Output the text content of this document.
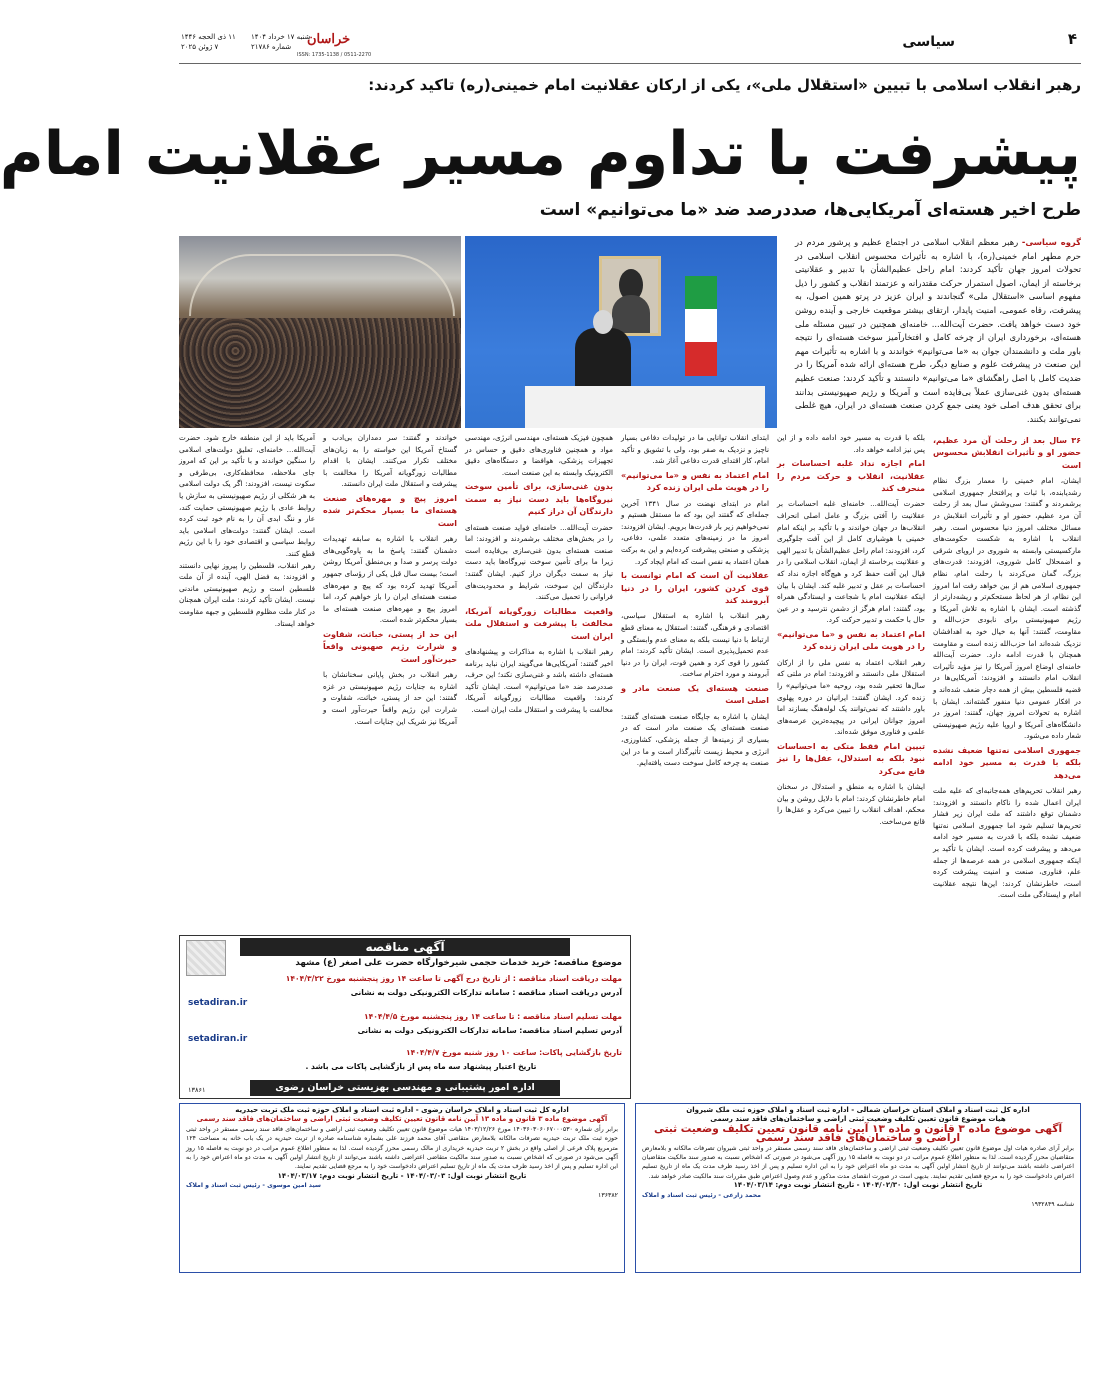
۴
سیاسی
خراسان
ISSN: 1735-1138 / 0511-2270
شنبه ۱۷ خرداد ۱۴۰۴
شماره ۲۱۷۸۶
۱۱ ذی الحجه ۱۴۴۶
۷ ژوئن ۲۰۲۵
رهبر انقلاب اسلامی با تبیین «استقلال ملی»، یکی از ارکان عقلانیت امام خمینی(ره) تاکید کردند:
پیشرفت با تداوم مسیر عقلانیت امام
طرح اخیر هسته‌ای آمریکایی‌ها، صددرصد ضد «ما می‌توانیم» است
گروه سیاسی- رهبر معظم انقلاب اسلامی در اجتماع عظیم و پرشور مردم در حرم مطهر امام خمینی(ره)، با اشاره به تأثیرات محسوس انقلاب اسلامی در تحولات امروز جهان تأکید کردند: امام راحل عظیم‌الشأن با تدبیر و عقلانیتی برخاسته از ایمان، اصول استمرار حرکت مقتدرانه و عزتمند انقلاب و کشور را ذیل مفهوم اساسی «استقلال ملی» گنجاندند و ایران عزیز در پرتو همین اصول، به پیشرفت، رفاه عمومی، امنیت پایدار، ارتقای بیشتر موقعیت خارجی و آینده روشن خود دست خواهد یافت. حضرت آیت‌الله... خامنه‌ای همچنین در تبیین مسئله ملی هسته‌ای، برخورداری ایران از چرخه کامل و افتخارآمیز سوخت هسته‌ای را نتیجه باور ملت و دانشمندان جوان به «ما می‌توانیم» خواندند و با اشاره به تأثیرات مهم این صنعت در پیشرفت علوم و صنایع دیگر، طرح هسته‌ای ارائه شده آمریکا را در ضدیت کامل با اصل راهگشای «ما می‌توانیم» دانستند و تأکید کردند: صنعت عظیم هسته‌ای بدون غنی‌سازی عملاً بی‌فایده است و آمریکا و رژیم صهیونیستی بدانند برای تحقق هدف اصلی خود یعنی جمع کردن صنعت هسته‌ای در ایران، هیچ غلطی نمی‌توانند بکنند.
۳۶ سال بعد از رحلت آن مرد عظیم، حضور او و تأثیرات انقلابش محسوس است

ایشان، امام خمینی را معمار بزرگ نظام رشدیابنده، با ثبات و پرافتخار جمهوری اسلامی برشمردند و گفتند: سی‌وشش سال بعد از رحلت آن مرد عظیم، حضور او و تأثیرات انقلابش در مسائل مختلف امروز دنیا محسوس است. رهبر انقلاب با اشاره به شکست حکومت‌های مارکسیستی وابسته به شوروی در اروپای شرقی و اضمحلال کامل شوروی، افزودند: قدرت‌های بزرگ، گمان می‌کردند با رحلت امام، نظام جمهوری اسلامی هم از بین خواهد رفت اما امروز این نظام، از هر لحاظ مستحکم‌تر و ریشه‌دارتر از گذشته است. ایشان با اشاره به تلاش آمریکا و رژیم صهیونیستی برای نابودی حزب‌الله و مقاومت، گفتند: آنها به خیال خود به اهدافشان نزدیک شده‌اند اما حزب‌الله زنده است و مقاومت همچنان با قدرت ادامه دارد. حضرت آیت‌الله خامنه‌ای اوضاع امروز آمریکا را نیز مؤید تأثیرات انقلاب امام دانستند و افزودند: آمریکایی‌ها در قضیه فلسطین بیش از همه دچار ضعف شده‌اند و در افکار عمومی دنیا منفور گشته‌اند. ایشان با اشاره به تحولات امروز جهان، گفتند: امروز در دانشگاه‌های آمریکا و اروپا علیه رژیم صهیونیستی شعار داده می‌شود.

جمهوری اسلامی نه‌تنها ضعیف نشده بلکه با قدرت به مسیر خود ادامه می‌دهد

رهبر انقلاب تحریم‌های همه‌جانبه‌ای که علیه ملت ایران اعمال شده را ناکام دانستند و افزودند: دشمنان توقع داشتند که ملت ایران زیر فشار تحریم‌ها تسلیم شود اما جمهوری اسلامی نه‌تنها ضعیف نشده بلکه با قدرت به مسیر خود ادامه می‌دهد و پیشرفت کرده است. ایشان با تأکید بر اینکه جمهوری اسلامی در همه عرصه‌ها از جمله علم، فناوری، صنعت و امنیت پیشرفت کرده است، خاطرنشان کردند: این‌ها نتیجه عقلانیت امام و ایستادگی ملت است.

بلکه با قدرت به مسیر خود ادامه داده و از این پس نیز ادامه خواهد داد.

امام اجازه نداد غلبه احساسات بر عقلانیت، انقلاب و حرکت مردم را منحرف کند

حضرت آیت‌الله... خامنه‌ای غلبه احساسات بر عقلانیت را آفتی بزرگ و عامل اصلی انحراف انقلاب‌ها در جهان خواندند و با تأکید بر اینکه امام خمینی با هوشیاری کامل از این آفت جلوگیری کرد، افزودند: امام راحل عظیم‌الشأن با تدبیر الهی و عقلانیت برخاسته از ایمان، انقلاب اسلامی را در قبال این آفت حفظ کرد و هیچ‌گاه اجازه نداد که احساسات بر عقل و تدبیر غلبه کند. ایشان با بیان اینکه عقلانیت امام با شجاعت و ایستادگی همراه بود، گفتند: امام هرگز از دشمن نترسید و در عین حال با حکمت و تدبیر حرکت کرد.

امام اعتماد به نفس و «ما می‌توانیم» را در هویت ملی ایران زنده کرد

رهبر انقلاب اعتماد به نفس ملی را از ارکان استقلال ملی دانستند و افزودند: امام در ملتی که سال‌ها تحقیر شده بود، روحیه «ما می‌توانیم» را زنده کرد. ایشان گفتند: ایرانیان در دوره پهلوی باور داشتند که نمی‌توانند یک لوله‌هنگ بسازند اما امروز جوانان ایرانی در پیچیده‌ترین عرصه‌های علمی و فناوری موفق شده‌اند.

تبیین امام فقط متکی به احساسات نبود بلکه به استدلال، عقل‌ها را نیز قانع می‌کرد

ایشان با اشاره به منطق و استدلال در سخنان امام خاطرنشان کردند: امام با دلایل روشن و بیان محکم، اهداف انقلاب را تبیین می‌کرد و عقل‌ها را قانع می‌ساخت.

ابتدای انقلاب توانایی ما در تولیدات دفاعی بسیار ناچیز و نزدیک به صفر بود، ولی با تشویق و تأکید امام، کار اقتدای قدرت دفاعی آغاز شد.

امام اعتماد به نفس و «ما می‌توانیم» را در هویت ملی ایران زنده کرد

امام در ابتدای نهضت در سال ۱۳۴۱ آخرین جمله‌ای که گفتند این بود که ما مستقل هستیم و نمی‌خواهیم زیر بار قدرت‌ها برویم. ایشان افزودند: امروز ما در زمینه‌های متعدد علمی، دفاعی، پزشکی و صنعتی پیشرفت کرده‌ایم و این به برکت همان اعتماد به نفس است که امام ایجاد کرد.

عقلانیت آن است که امام توانست با قوی کردن کشور، ایران را در دنیا آبرومند کند

رهبر انقلاب با اشاره به استقلال سیاسی، اقتصادی و فرهنگی، گفتند: استقلال به معنای قطع ارتباط با دنیا نیست بلکه به معنای عدم وابستگی و عدم تحمیل‌پذیری است. ایشان تأکید کردند: امام کشور را قوی کرد و همین قوت، ایران را در دنیا آبرومند و مورد احترام ساخت.

صنعت هسته‌ای یک صنعت مادر و اصلی است

ایشان با اشاره به جایگاه صنعت هسته‌ای گفتند: صنعت هسته‌ای یک صنعت مادر است که در بسیاری از زمینه‌ها از جمله پزشکی، کشاورزی، انرژی و محیط زیست تأثیرگذار است و ما در این صنعت به چرخه کامل سوخت دست یافته‌ایم.

همچون فیزیک هسته‌ای، مهندسی انرژی، مهندسی مواد و همچنین فناوری‌های دقیق و حساس در تجهیزات پزشکی، هوافضا و دستگاه‌های دقیق الکترونیک وابسته به این صنعت است.

بدون غنی‌سازی، برای تأمین سوخت نیروگاه‌ها باید دست نیاز به سمت دارندگان آن دراز کنیم

حضرت آیت‌الله... خامنه‌ای فواید صنعت هسته‌ای را در بخش‌های مختلف برشمردند و افزودند: اما صنعت هسته‌ای بدون غنی‌سازی بی‌فایده است زیرا ما برای تأمین سوخت نیروگاه‌ها باید دست نیاز به سمت دیگران دراز کنیم. ایشان گفتند: دارندگان این سوخت، شرایط و محدودیت‌های فراوانی را تحمیل می‌کنند.

واقعیت مطالبات زورگویانه آمریکا، مخالفت با پیشرفت و استقلال ملت ایران است

رهبر انقلاب با اشاره به مذاکرات و پیشنهادهای اخیر گفتند: آمریکایی‌ها می‌گویند ایران نباید برنامه هسته‌ای داشته باشد و غنی‌سازی نکند؛ این حرف، صددرصد ضد «ما می‌توانیم» است. ایشان تأکید کردند: واقعیت مطالبات زورگویانه آمریکا، مخالفت با پیشرفت و استقلال ملت ایران است.

خواندند و گفتند: سر دمداران بی‌ادب و گستاخ آمریکا این خواسته را به زبان‌های مختلف تکرار می‌کنند. ایشان با اقدام مطالبات زورگویانه آمریکا را مخالفت با پیشرفت و استقلال ملت ایران دانستند.

امروز پیچ و مهره‌های صنعت هسته‌ای ما بسیار محکم‌تر شده است

رهبر انقلاب با اشاره به سابقه تهدیدات دشمنان گفتند: پاسخ ما به یاوه‌گویی‌های دولت پرسر و صدا و بی‌منطق آمریکا روشن است؛ بیست سال قبل یکی از رؤسای جمهور آمریکا تهدید کرده بود که پیچ و مهره‌های صنعت هسته‌ای ایران را باز خواهیم کرد، اما امروز پیچ و مهره‌های صنعت هسته‌ای ما بسیار محکم‌تر شده است.

این حد از پستی، خباثت، شقاوت و شرارت رژیم صهیونی واقعاً حیرت‌آور است

رهبر انقلاب در بخش پایانی سخنانشان با اشاره به جنایات رژیم صهیونیستی در غزه گفتند: این حد از پستی، خباثت، شقاوت و شرارت این رژیم واقعاً حیرت‌آور است و آمریکا نیز شریک این جنایات است.

آمریکا باید از این منطقه خارج شود. حضرت آیت‌الله... خامنه‌ای، تعلیق دولت‌های اسلامی را سنگین خواندند و با تأکید بر این که امروز جای ملاحظه، محافظه‌کاری، بی‌طرفی و سکوت نیست، افزودند: اگر یک دولت اسلامی به هر شکلی از رژیم صهیونیستی به سازش یا روابط عادی با رژیم صهیونیستی حمایت کند، عار و ننگ ابدی آن را به نام خود ثبت کرده است. ایشان گفتند: دولت‌های اسلامی باید روابط سیاسی و اقتصادی خود را با این رژیم قطع کنند.

رهبر انقلاب، فلسطین را پیروز نهایی دانستند و افزودند: به فضل الهی، آینده از آن ملت فلسطین است و رژیم صهیونیستی ماندنی نیست. ایشان تأکید کردند: ملت ایران همچنان در کنار ملت مظلوم فلسطین و جبهه مقاومت خواهد ایستاد.

آگهی مناقصه
موضوع مناقصه: خرید خدمات حجمی شیرخوارگاه حضرت علی اصغر (ع) مشهد
مهلت دریافت اسناد مناقصه : از تاریخ درج آگهی تا ساعت ۱۴ روز پنجشنبه مورخ ۱۴۰۴/۳/۲۲
آدرس دریافت اسناد مناقصه : سامانه تدارکات الکترونیکی دولت به نشانی
setadiran.ir
مهلت تسلیم اسناد مناقصه : تا ساعت ۱۴ روز پنجشنبه مورخ ۱۴۰۴/۴/۵
آدرس تسلیم اسناد مناقصه: سامانه تدارکات الکترونیکی دولت به نشانی
setadiran.ir
تاریخ بازگشایی پاکات: ساعت ۱۰ روز شنبه مورخ ۱۴۰۴/۴/۷
تاریخ اعتبار پیشنهاد سه ماه پس از بازگشایی پاکات می باشد .
اداره امور پشتیبانی و مهندسی بهزیستی خراسان رضوی
۱۳۸۶۱
اداره کل ثبت اسناد و املاک خراسان رضوی - اداره ثبت اسناد و املاک حوزه ثبت ملک تربت حیدریه
آگهی موضوع ماده ۳ قانون و ماده ۱۳ آیین نامه قانون تعیین تکلیف وضعیت ثبتی اراضی و ساختمان‌های فاقد سند رسمی
برابر رأی شماره ۱۴۰۳۶۰۳۰۶۰۶۷۰۰۰۵۳۰ مورخ ۱۴۰۳/۱۲/۲۶ هیات موضوع قانون تعیین تکلیف وضعیت ثبتی اراضی و ساختمان‌های فاقد سند رسمی مستقر در واحد ثبتی حوزه ثبت ملک تربت حیدریه تصرفات مالکانه بلامعارض متقاضی آقای محمد فرزند علی بشماره شناسنامه صادره از تربت حیدریه در یک باب خانه به مساحت ۱۲۴ مترمربع پلاک فرعی از اصلی واقع در بخش ۲ تربت حیدریه خریداری از مالک رسمی محرز گردیده است. لذا به منظور اطلاع عموم مراتب در دو نوبت به فاصله ۱۵ روز آگهی می‌شود در صورتی که اشخاص نسبت به صدور سند مالکیت متقاضی اعتراضی داشته باشند می‌توانند از تاریخ انتشار اولین آگهی به مدت دو ماه اعتراض خود را به این اداره تسلیم و پس از اخذ رسید ظرف مدت یک ماه از تاریخ تسلیم اعتراض دادخواست خود را به مرجع قضایی تقدیم نمایند.
تاریخ انتشار نوبت اول: ۱۴۰۴/۰۳/۰۳ - تاریخ انتشار نوبت دوم: ۱۴۰۴/۰۳/۱۷
سید امین موسوی - رئیس ثبت اسناد و املاک
۱۳۶۳۸۲
اداره کل ثبت اسناد و املاک استان خراسان شمالی - اداره ثبت اسناد و املاک حوزه ثبت ملک شیروان
هیات موضوع قانون تعیین تکلیف وضعیت ثبتی اراضی و ساختمان‌های فاقد سند رسمی
آگهی موضوع ماده ۳ قانون و ماده ۱۳ آیین نامه قانون تعیین تکلیف وضعیت ثبتی اراضی و ساختمان‌های فاقد سند رسمی
برابر آرای صادره هیات اول موضوع قانون تعیین تکلیف وضعیت ثبتی اراضی و ساختمان‌های فاقد سند رسمی مستقر در واحد ثبتی شیروان تصرفات مالکانه و بلامعارض متقاضیان محرز گردیده است. لذا به منظور اطلاع عموم مراتب در دو نوبت به فاصله ۱۵ روز آگهی می‌شود در صورتی که اشخاص نسبت به صدور سند مالکیت متقاضیان اعتراضی داشته باشند می‌توانند از تاریخ انتشار اولین آگهی به مدت دو ماه اعتراض خود را به این اداره تسلیم و پس از اخذ رسید ظرف مدت یک ماه از تاریخ تسلیم اعتراض دادخواست خود را به مرجع قضایی تقدیم نمایند. بدیهی است در صورت انقضای مدت مذکور و عدم وصول اعتراض طبق مقررات سند مالکیت صادر خواهد شد.
تاریخ انتشار نوبت اول: ۱۴۰۴/۰۲/۳۰ - تاریخ انتشار نوبت دوم: ۱۴۰۴/۰۳/۱۴
محمد زارعی - رئیس ثبت اسناد و املاک
شناسه ۱۹۳۲۸۴۹
